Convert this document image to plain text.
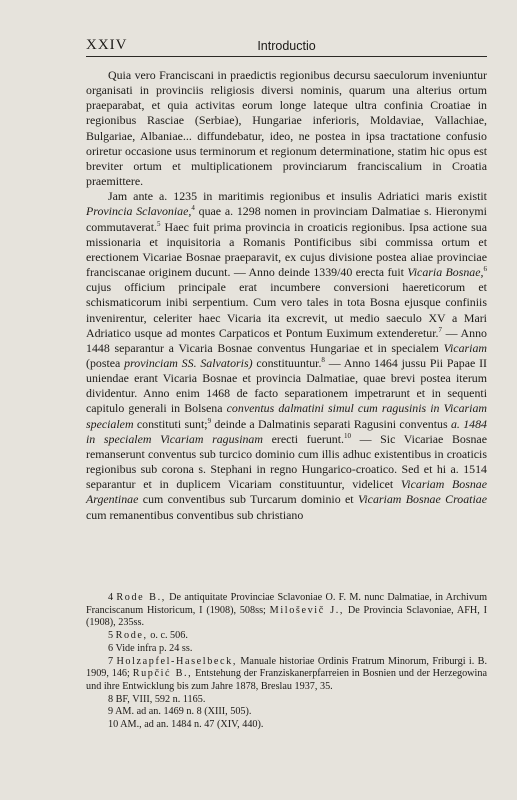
XXIV	Introductio

Quia vero Franciscani in praedictis regionibus decursu saeculorum inveniuntur organisati in provinciis religiosis diversi nominis, quarum una alterius ortum praeparabat, et quia activitas eorum longe lateque ultra confinia Croatiae in regionibus Rasciae (Serbiae), Hungariae inferioris, Moldaviae, Vallachiae, Bulgariae, Albaniae... diffundebatur, ideo, ne postea in ipsa tractatione confusio oriretur occasione usus terminorum et regionum determinatione, statim hic opus est breviter ortum et multiplicationem provinciarum franciscalium in Croatia praemittere.

Jam ante a. 1235 in maritimis regionibus et insulis Adriatici maris existit Provincia Sclavoniae,$^4$ quae a. 1298 nomen in provinciam Dalmatiae s. Hieronymi commutaverat.$^5$ Haec fuit prima provincia in croaticis regionibus. Ipsa actione sua missionaria et inquisitoria a Romanis Pontificibus sibi commissa ortum et erectionem Vicariae Bosnae praeparavit, ex cujus divisione postea aliae provinciae franciscanae originem ducunt. — Anno deinde 1339/40 erecta fuit Vicaria Bosnae,$^6$ cujus officium principale erat incumbere conversioni haereticorum et schismaticorum inibi serpentium. Cum vero tales in tota Bosna ejusque confiniis invenirentur, celeriter haec Vicaria ita excrevit, ut medio saeculo XV a Mari Adriatico usque ad montes Carpaticos et Pontum Euximum extenderetur.$^7$ — Anno 1448 separantur a Vicaria Bosnae conventus Hungariae et in specialem Vicariam (postea provinciam SS. Salvatoris) constituuntur.$^8$ — Anno 1464 jussu Pii Papae II uniendae erant Vicaria Bosnae et provincia Dalmatiae, quae brevi postea iterum dividentur. Anno enim 1468 de facto separationem impetrarunt et in sequenti capitulo generali in Bolsena conventus dalmatini simul cum ragusinis in Vicariam specialem constituti sunt;$^9$ deinde a Dalmatinis separati Ragusini conventus a. 1484 in specialem Vicariam ragusinam erecti fuerunt.$^{10}$ — Sic Vicariae Bosnae remanserunt conventus sub turcico dominio cum illis adhuc existentibus in croaticis regionibus sub corona s. Stephani in regno Hungarico-croatico. Sed et hi a. 1514 separantur et in duplicem Vicariam constituuntur, videlicet Vicariam Bosnae Argentinae cum conventibus sub Turcarum dominio et Vicariam Bosnae Croatiae cum remanentibus conventibus sub christiano

4 Rode B., De antiquitate Provinciae Sclavoniae O. F. M. nunc Dalmatiae, in Archivum Franciscanum Historicum, I (1908), 508ss; Miloševič J., De Provincia Sclavoniae, AFH, I (1908), 235ss.

5 Rode, o. c. 506.

6 Vide infra p. 24 ss.

7 Holzapfel-Haselbeck, Manuale historiae Ordinis Fratrum Minorum, Friburgi i. B. 1909, 146; Rupčić B., Entstehung der Franziskanerpfarreien in Bosnien und der Herzegowina und ihre Entwicklung bis zum Jahre 1878, Breslau 1937, 35.

8 BF, VIII, 592 n. 1165.

9 AM. ad an. 1469 n. 8 (XIII, 505).

10 AM., ad an. 1484 n. 47 (XIV, 440).
